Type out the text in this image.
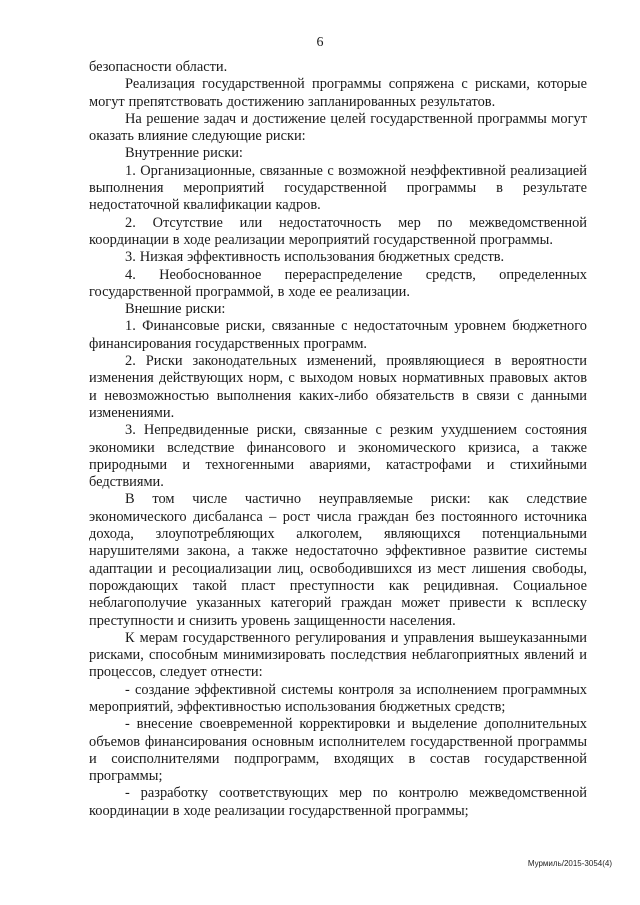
6

безопасности области.

Реализация государственной программы сопряжена с рисками, которые могут препятствовать достижению запланированных результатов.

На решение задач и достижение целей государственной программы могут оказать влияние следующие риски:

Внутренние риски:

1. Организационные, связанные с возможной неэффективной реализацией выполнения мероприятий государственной программы в результате недостаточной квалификации кадров.

2. Отсутствие или недостаточность мер по межведомственной координации в ходе реализации мероприятий государственной программы.

3. Низкая эффективность использования бюджетных средств.

4. Необоснованное перераспределение средств, определенных государственной программой, в ходе ее реализации.

Внешние риски:

1. Финансовые риски, связанные с недостаточным уровнем бюджетного финансирования государственных программ.

2. Риски законодательных изменений, проявляющиеся в вероятности изменения действующих норм, с выходом новых нормативных правовых актов и невозможностью выполнения каких-либо обязательств в связи с данными изменениями.

3. Непредвиденные риски, связанные с резким ухудшением состояния экономики вследствие финансового и экономического кризиса, а также природными и техногенными авариями, катастрофами и стихийными бедствиями.

В том числе частично неуправляемые риски: как следствие экономического дисбаланса – рост числа граждан без постоянного источника дохода, злоупотребляющих алкоголем, являющихся потенциальными нарушителями закона, а также недостаточно эффективное развитие системы адаптации и ресоциализации лиц, освободившихся из мест лишения свободы, порождающих такой пласт преступности как рецидивная. Социальное неблагополучие указанных категорий граждан может привести к всплеску преступности и снизить уровень защищенности населения.

К мерам государственного регулирования и управления вышеуказанными рисками, способным минимизировать последствия неблагоприятных явлений и процессов, следует отнести:

- создание эффективной системы контроля за исполнением программных мероприятий, эффективностью использования бюджетных средств;

- внесение своевременной корректировки и выделение дополнительных объемов финансирования основным исполнителем государственной программы и соисполнителями подпрограмм, входящих в состав государственной программы;

- разработку соответствующих мер по контролю межведомственной координации в ходе реализации государственной программы;

Мурмиль/2015-3054(4)
